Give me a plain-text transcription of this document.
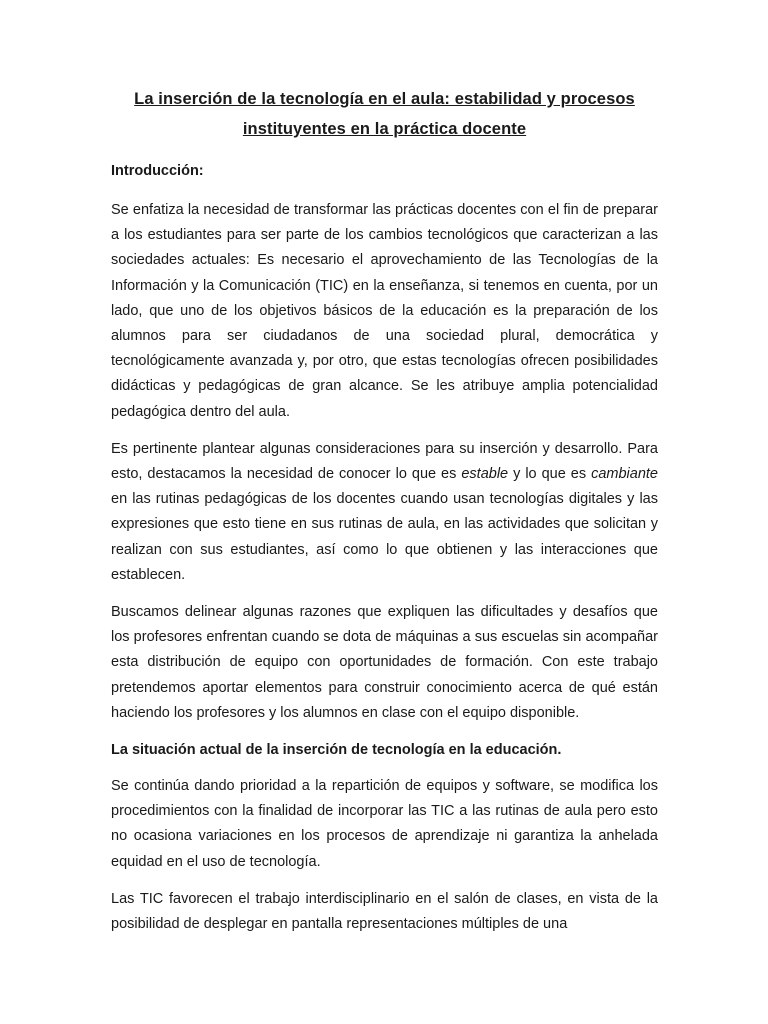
La inserción de la tecnología en el aula: estabilidad y procesos instituyentes en la práctica docente

Introducción:

Se enfatiza la necesidad de transformar las prácticas docentes con el fin de preparar a los estudiantes para ser parte de los cambios tecnológicos que caracterizan a las sociedades actuales: Es necesario el aprovechamiento de las Tecnologías de la Información y la Comunicación (TIC) en la enseñanza, si tenemos en cuenta, por un lado, que uno de los objetivos básicos de la educación es la preparación de los alumnos para ser ciudadanos de una sociedad plural, democrática y tecnológicamente avanzada y, por otro, que estas tecnologías ofrecen posibilidades didácticas y pedagógicas de gran alcance. Se les atribuye amplia potencialidad pedagógica dentro del aula.

Es pertinente plantear algunas consideraciones para su inserción y desarrollo. Para esto, destacamos la necesidad de conocer lo que es estable y lo que es cambiante en las rutinas pedagógicas de los docentes cuando usan tecnologías digitales y las expresiones que esto tiene en sus rutinas de aula, en las actividades que solicitan y realizan con sus estudiantes, así como lo que obtienen y las interacciones que establecen.

Buscamos delinear algunas razones que expliquen las dificultades y desafíos que los profesores enfrentan cuando se dota de máquinas a sus escuelas sin acompañar esta distribución de equipo con oportunidades de formación. Con este trabajo pretendemos aportar elementos para construir conocimiento acerca de qué están haciendo los profesores y los alumnos en clase con el equipo disponible.

La situación actual de la inserción de tecnología en la educación.

Se continúa dando prioridad a la repartición de equipos y software, se modifica los procedimientos con la finalidad de incorporar las TIC a las rutinas de aula pero esto no ocasiona variaciones en los procesos de aprendizaje ni garantiza la anhelada equidad en el uso de tecnología.

Las TIC favorecen el trabajo interdisciplinario en el salón de clases, en vista de la posibilidad de desplegar en pantalla representaciones múltiples de una
